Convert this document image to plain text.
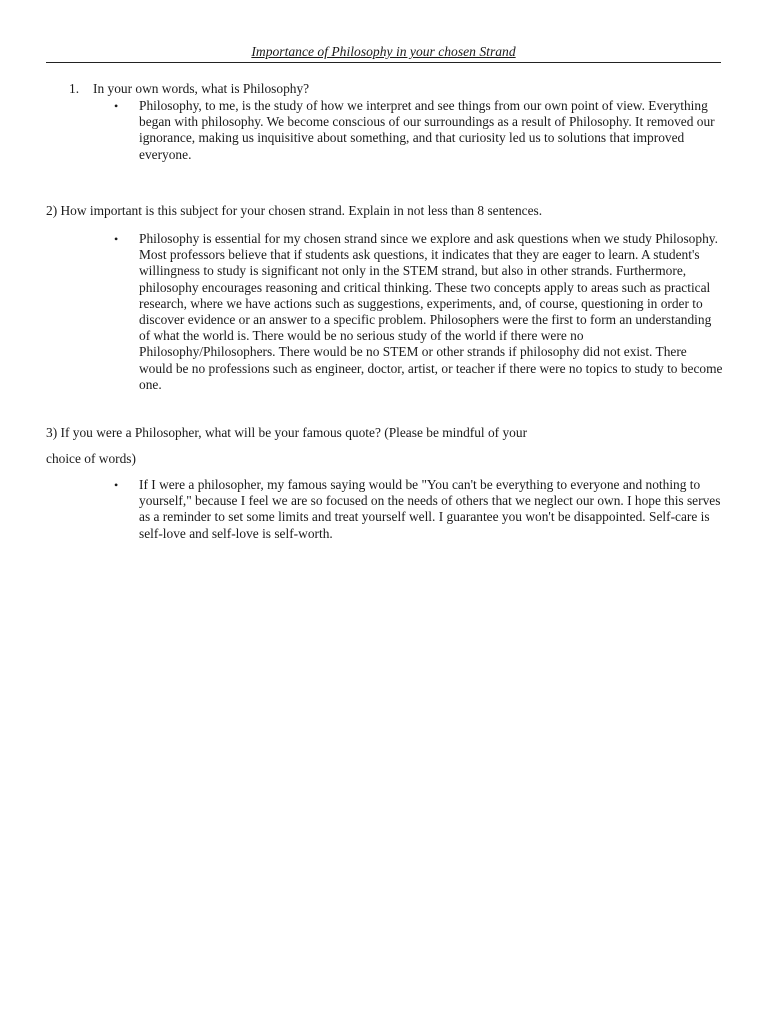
Importance of Philosophy in your chosen Strand
1. In your own words, what is Philosophy?
• Philosophy, to me, is the study of how we interpret and see things from our own point of view. Everything began with philosophy. We become conscious of our surroundings as a result of Philosophy. It removed our ignorance, making us inquisitive about something, and that curiosity led us to solutions that improved everyone.

2) How important is this subject for your chosen strand. Explain in not less than 8 sentences.
• Philosophy is essential for my chosen strand since we explore and ask questions when we study Philosophy. Most professors believe that if students ask questions, it indicates that they are eager to learn. A student's willingness to study is significant not only in the STEM strand, but also in other strands. Furthermore, philosophy encourages reasoning and critical thinking. These two concepts apply to areas such as practical research, where we have actions such as suggestions, experiments, and, of course, questioning in order to discover evidence or an answer to a specific problem. Philosophers were the first to form an understanding of what the world is. There would be no serious study of the world if there were no Philosophy/Philosophers. There would be no STEM or other strands if philosophy did not exist. There would be no professions such as engineer, doctor, artist, or teacher if there were no topics to study to become one.

3) If you were a Philosopher, what will be your famous quote? (Please be mindful of your
choice of words)
• If I were a philosopher, my famous saying would be "You can't be everything to everyone and nothing to yourself," because I feel we are so focused on the needs of others that we neglect our own. I hope this serves as a reminder to set some limits and treat yourself well. I guarantee you won't be disappointed. Self-care is self-love and self-love is self-worth.
